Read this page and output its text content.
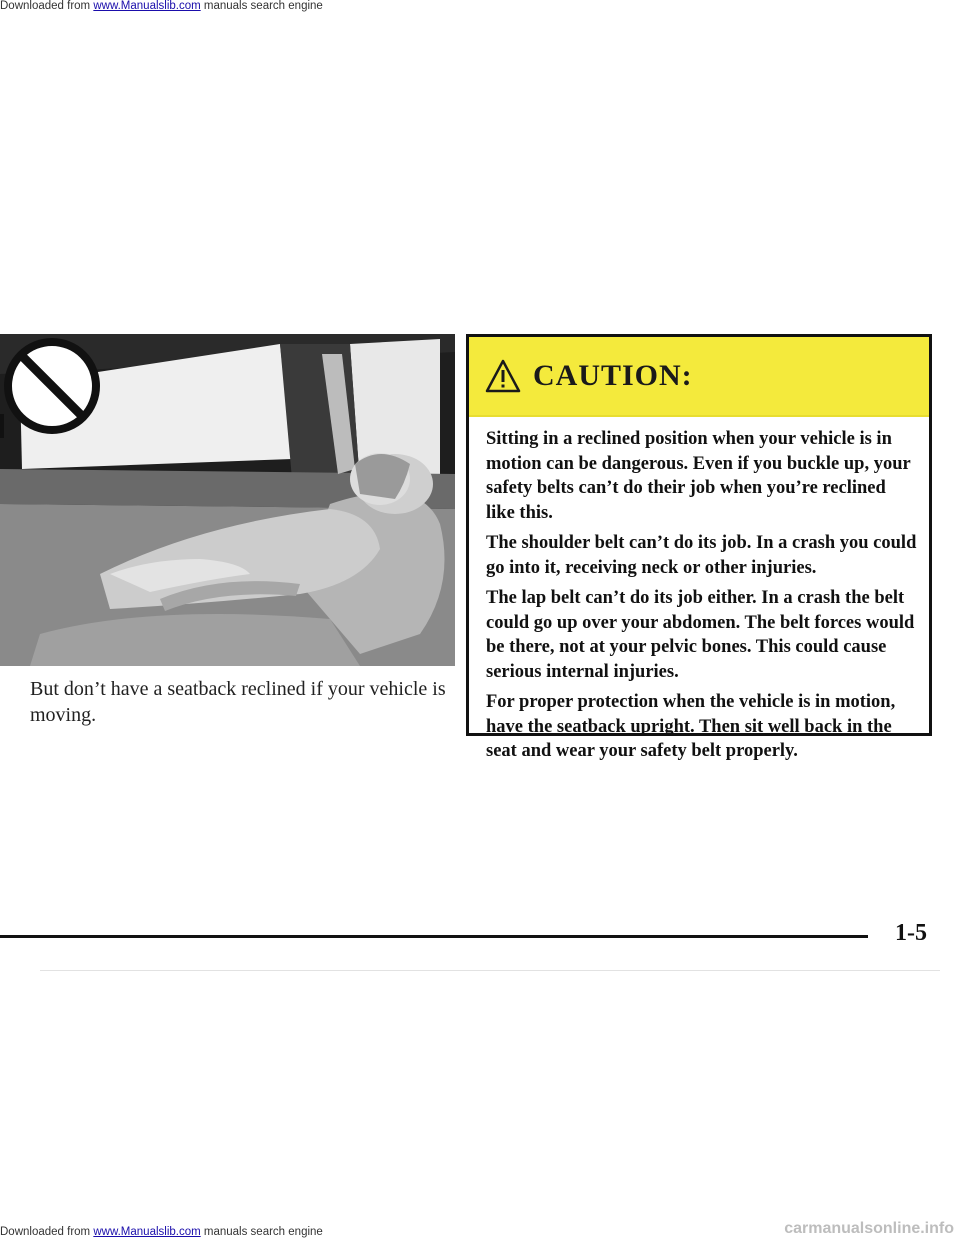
Downloaded from www.Manualslib.com manuals search engine
But don’t have a seatback reclined if your vehicle is moving.
CAUTION:

Sitting in a reclined position when your vehicle is in motion can be dangerous. Even if you buckle up, your safety belts can’t do their job when you’re reclined like this.

The shoulder belt can’t do its job. In a crash you could go into it, receiving neck or other injuries.

The lap belt can’t do its job either. In a crash the belt could go up over your abdomen. The belt forces would be there, not at your pelvic bones. This could cause serious internal injuries.

For proper protection when the vehicle is in motion, have the seatback upright. Then sit well back in the seat and wear your safety belt properly.

1-5
Downloaded from www.Manualslib.com manuals search engine	carmanualsonline.info
